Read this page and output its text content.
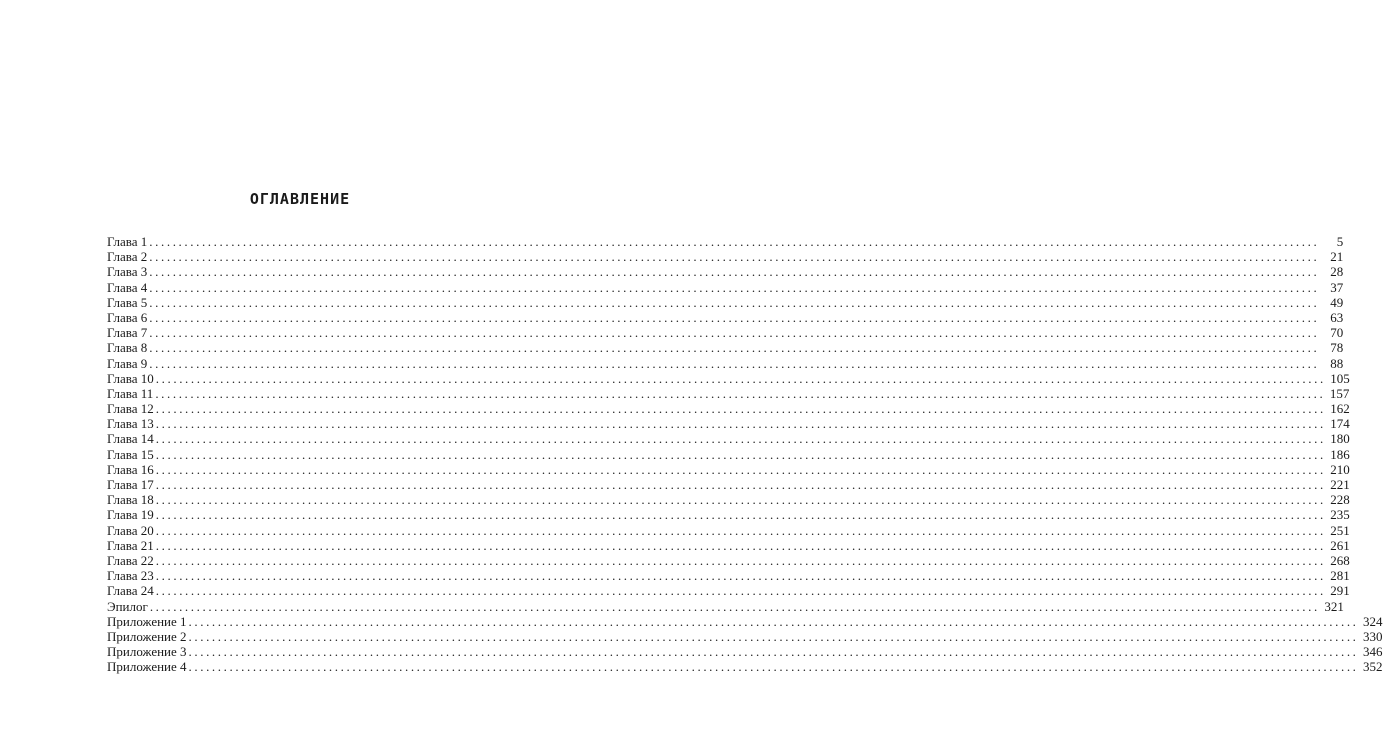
ОГЛАВЛЕНИЕ
Глава 1 ........................................................................................................................................................................................................	5
Глава 2 ........................................................................................................................................................................................................ 21
Глава 3 ........................................................................................................................................................................................................ 28
Глава 4 ........................................................................................................................................................................................................ 37
Глава 5 ........................................................................................................................................................................................................ 49
Глава 6 ........................................................................................................................................................................................................ 63
Глава 7 ........................................................................................................................................................................................................ 70
Глава 8 ........................................................................................................................................................................................................ 78
Глава 9 ........................................................................................................................................................................................................ 88
Глава 10 ........................................................................................................................................................................................................ 105
Глава 11 ........................................................................................................................................................................................................ 157
Глава 12 ........................................................................................................................................................................................................ 162
Глава 13 ........................................................................................................................................................................................................ 174
Глава 14 ........................................................................................................................................................................................................ 180
Глава 15 ........................................................................................................................................................................................................ 186
Глава 16 ........................................................................................................................................................................................................ 210
Глава 17 ........................................................................................................................................................................................................ 221
Глава 18 ........................................................................................................................................................................................................ 228
Глава 19 ........................................................................................................................................................................................................ 235
Глава 20 ........................................................................................................................................................................................................ 251
Глава 21 ........................................................................................................................................................................................................ 261
Глава 22 ........................................................................................................................................................................................................ 268
Глава 23 ........................................................................................................................................................................................................ 281
Глава 24 ........................................................................................................................................................................................................ 291
Эпилог ........................................................................................................................................................................................................ 321
Приложение 1 ........................................................................................................................................................................................................ 324
Приложение 2 ........................................................................................................................................................................................................ 330
Приложение 3 ........................................................................................................................................................................................................ 346
Приложение 4 ........................................................................................................................................................................................................ 352
